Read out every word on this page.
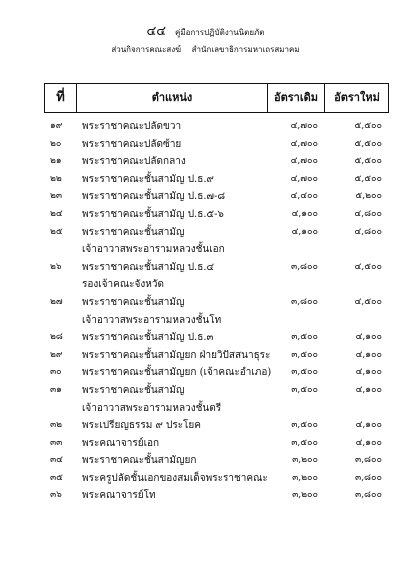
๔๔ คู่มือการปฏิบัติงานนิตยภัต
ส่วนกิจการคณะสงฆ์ สำนักเลขาธิการมหาเถรสมาคม
ที่	ตำแหน่ง	อัตราเดิม	อัตราใหม่
๑๙	พระราชาคณะปลัดขวา	๔,๗๐๐	๕,๕๐๐
๒๐	พระราชาคณะปลัดซ้าย	๔,๗๐๐	๕,๕๐๐
๒๑	พระราชาคณะปลัดกลาง	๔,๗๐๐	๕,๕๐๐
๒๒	พระราชาคณะชั้นสามัญ ป.ธ.๙	๔,๗๐๐	๕,๕๐๐
๒๓	พระราชาคณะชั้นสามัญ ป.ธ.๗-๘	๔,๔๐๐	๕,๒๐๐
๒๔	พระราชาคณะชั้นสามัญ ป.ธ.๕-๖	๔,๑๐๐	๔,๘๐๐
๒๕	พระราชาคณะชั้นสามัญ	๔,๑๐๐	๔,๘๐๐
เจ้าอาวาสพระอารามหลวงชั้นเอก
๒๖	พระราชาคณะชั้นสามัญ ป.ธ.๔	๓,๘๐๐	๔,๕๐๐
รองเจ้าคณะจังหวัด
๒๗	พระราชาคณะชั้นสามัญ	๓,๘๐๐	๔,๕๐๐
เจ้าอาวาสพระอารามหลวงชั้นโท
๒๘	พระราชาคณะชั้นสามัญ ป.ธ.๓	๓,๕๐๐	๔,๑๐๐
๒๙	พระราชาคณะชั้นสามัญยก ฝ่ายวิปัสสนาธุระ	๓,๕๐๐	๔,๑๐๐
๓๐	พระราชาคณะชั้นสามัญยก (เจ้าคณะอำเภอ)	๓,๕๐๐	๔,๑๐๐
๓๑	พระราชาคณะชั้นสามัญ	๓,๕๐๐	๔,๑๐๐
เจ้าอาวาสพระอารามหลวงชั้นตรี
๓๒	พระเปรียญธรรม ๙ ประโยค	๓,๕๐๐	๔,๑๐๐
๓๓	พระคณาจารย์เอก	๓,๕๐๐	๔,๑๐๐
๓๔	พระราชาคณะชั้นสามัญยก	๓,๒๐๐	๓,๘๐๐
๓๕	พระครูปลัดชั้นเอกของสมเด็จพระราชาคณะ	๓,๒๐๐	๓,๘๐๐
๓๖	พระคณาจารย์โท	๓,๒๐๐	๓,๘๐๐
